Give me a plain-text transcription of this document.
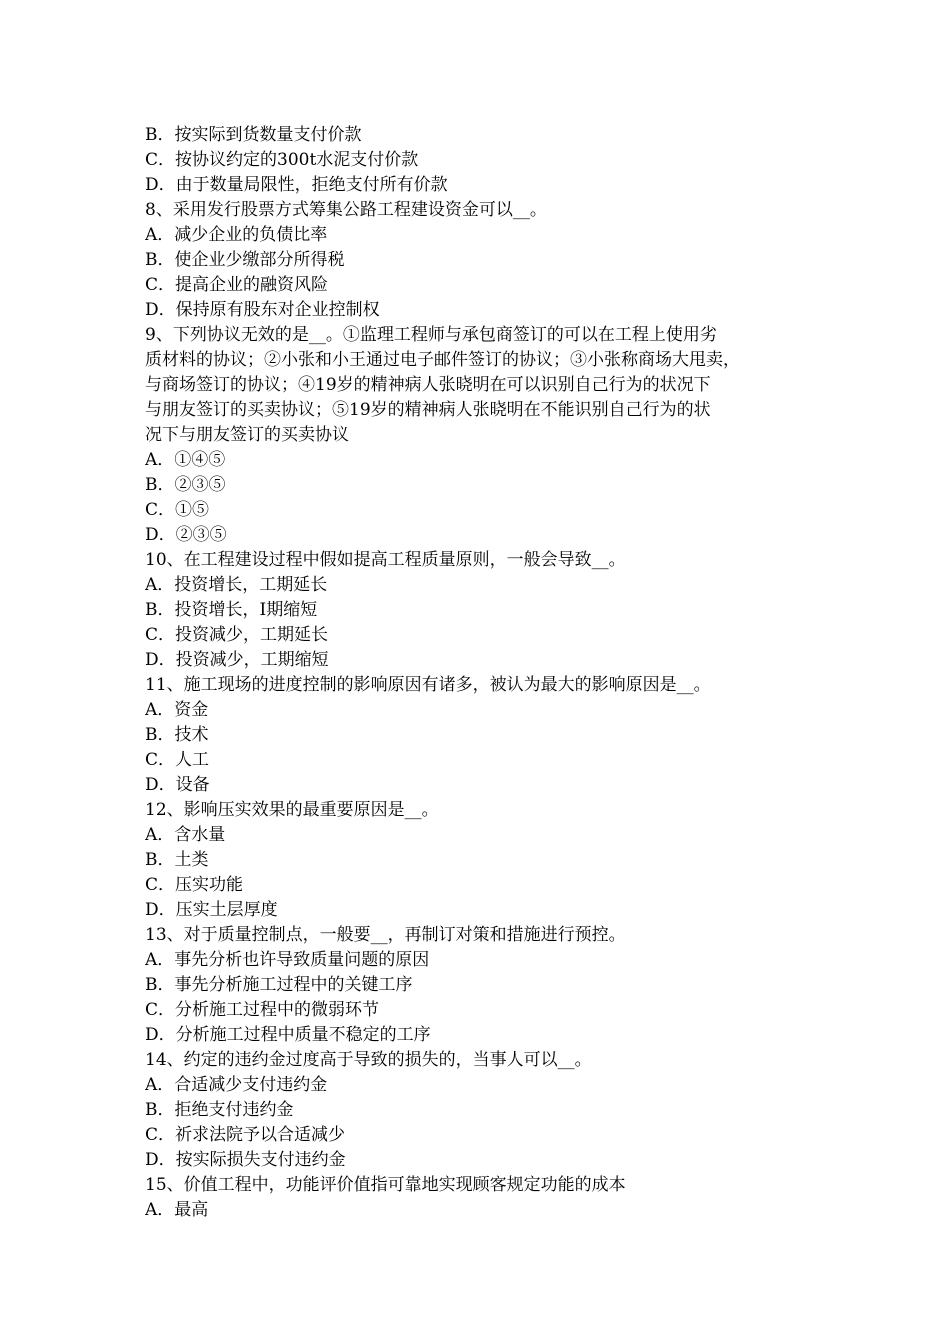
B．按实际到货数量支付价款
C．按协议约定的300t水泥支付价款
D．由于数量局限性，拒绝支付所有价款
8、采用发行股票方式筹集公路工程建设资金可以__。
A．减少企业的负债比率
B．使企业少缴部分所得税
C．提高企业的融资风险
D．保持原有股东对企业控制权
9、下列协议无效的是__。①监理工程师与承包商签订的可以在工程上使用劣
质材料的协议；②小张和小王通过电子邮件签订的协议；③小张称商场大甩卖，
与商场签订的协议；④19岁的精神病人张晓明在可以识别自己行为的状况下
与朋友签订的买卖协议；⑤19岁的精神病人张晓明在不能识别自己行为的状
况下与朋友签订的买卖协议
A．①④⑤
B．②③⑤
C．①⑤
D．②③⑤
10、在工程建设过程中假如提高工程质量原则，一般会导致__。
A．投资增长，工期延长
B．投资增长，I期缩短
C．投资减少，工期延长
D．投资减少，工期缩短
11、施工现场的进度控制的影响原因有诸多，被认为最大的影响原因是__。
A．资金
B．技术
C．人工
D．设备
12、影响压实效果的最重要原因是__。
A．含水量
B．土类
C．压实功能
D．压实土层厚度
13、对于质量控制点，一般要__，再制订对策和措施进行预控。
A．事先分析也许导致质量问题的原因
B．事先分析施工过程中的关键工序
C．分析施工过程中的微弱环节
D．分析施工过程中质量不稳定的工序
14、约定的违约金过度高于导致的损失的，当事人可以__。
A．合适减少支付违约金
B．拒绝支付违约金
C．祈求法院予以合适减少
D．按实际损失支付违约金
15、价值工程中，功能评价值指可靠地实现顾客规定功能的成本
A．最高
